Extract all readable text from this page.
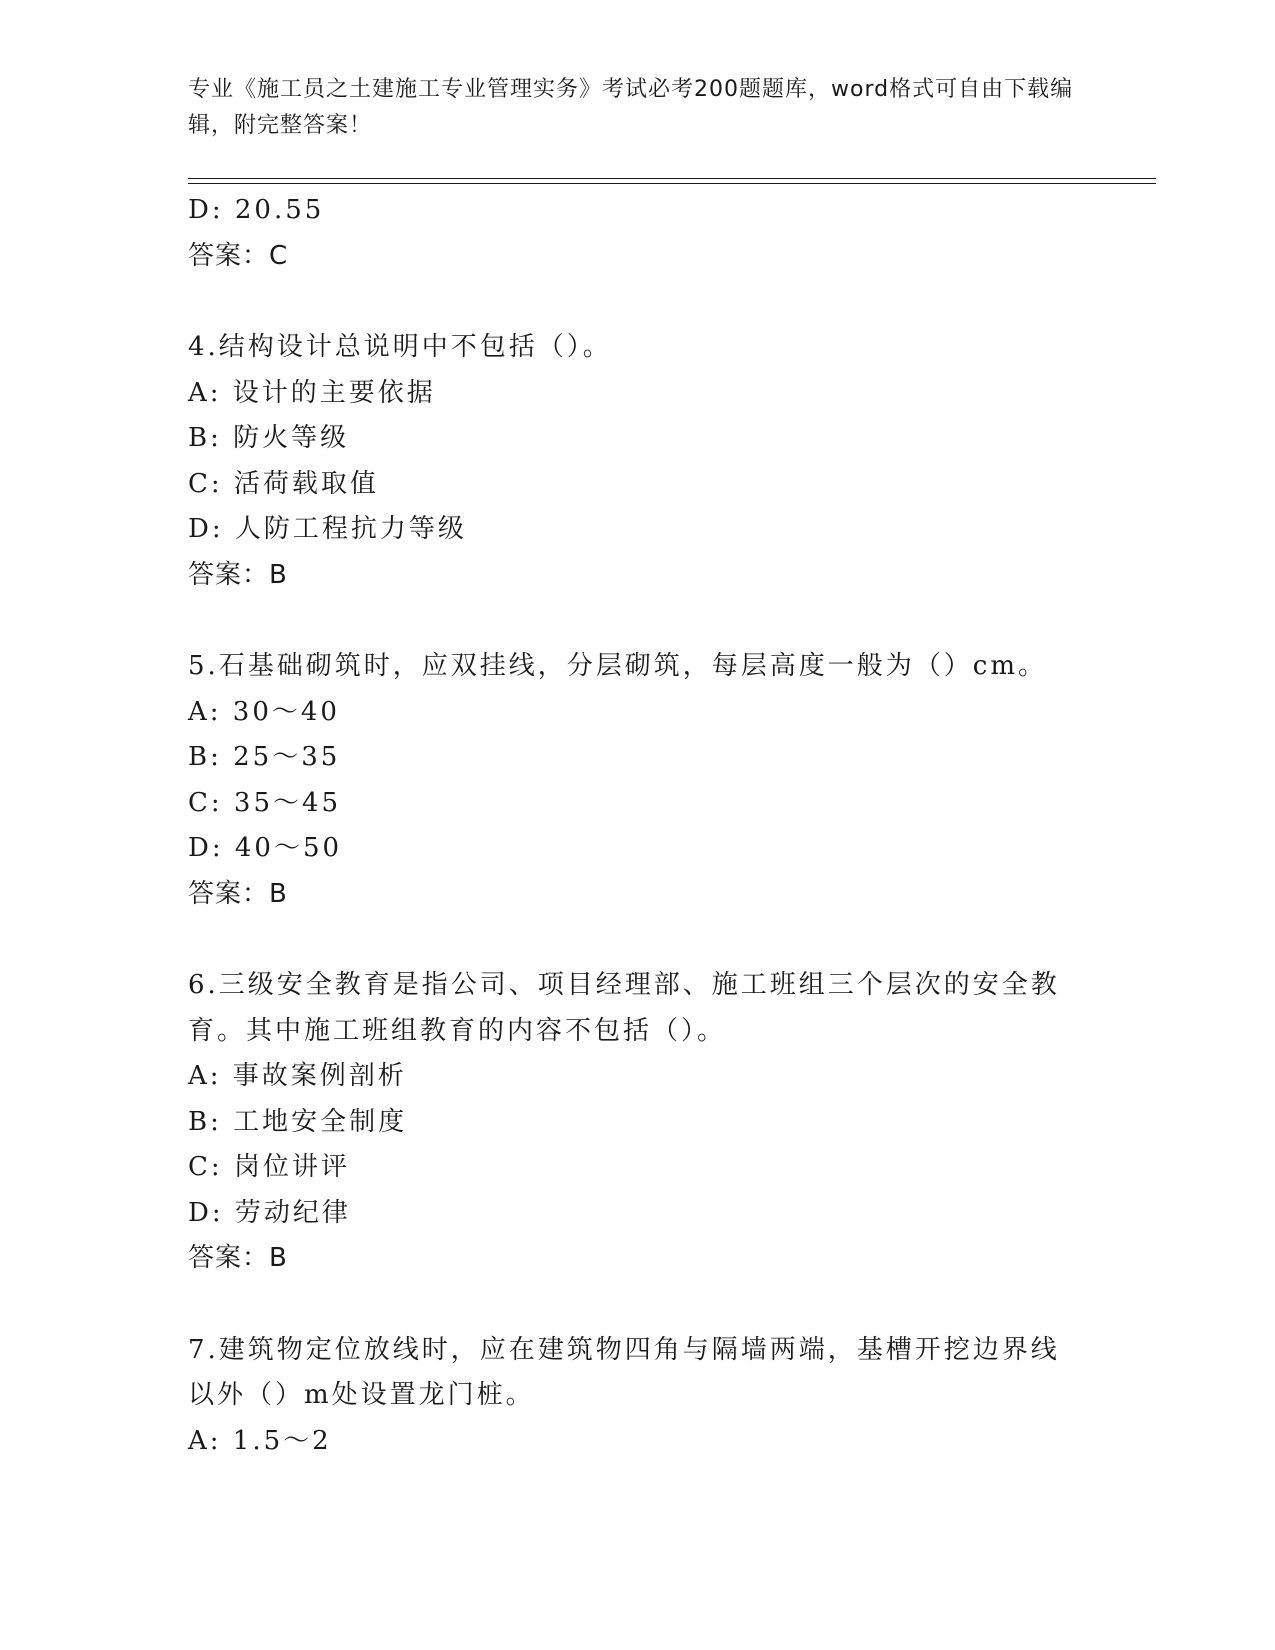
专业《施工员之土建施工专业管理实务》考试必考200题题库，word格式可自由下载编辑，附完整答案！
D: 20.55
答案：C
4.结构设计总说明中不包括（）。
A: 设计的主要依据
B: 防火等级
C: 活荷载取值
D: 人防工程抗力等级
答案：B
5.石基础砌筑时，应双挂线，分层砌筑，每层高度一般为（）cm。
A: 30～40
B: 25～35
C: 35～45
D: 40～50
答案：B
6.三级安全教育是指公司、项目经理部、施工班组三个层次的安全教育。其中施工班组教育的内容不包括（）。
A: 事故案例剖析
B: 工地安全制度
C: 岗位讲评
D: 劳动纪律
答案：B
7.建筑物定位放线时，应在建筑物四角与隔墙两端，基槽开挖边界线以外（）m处设置龙门桩。
A: 1.5～2
